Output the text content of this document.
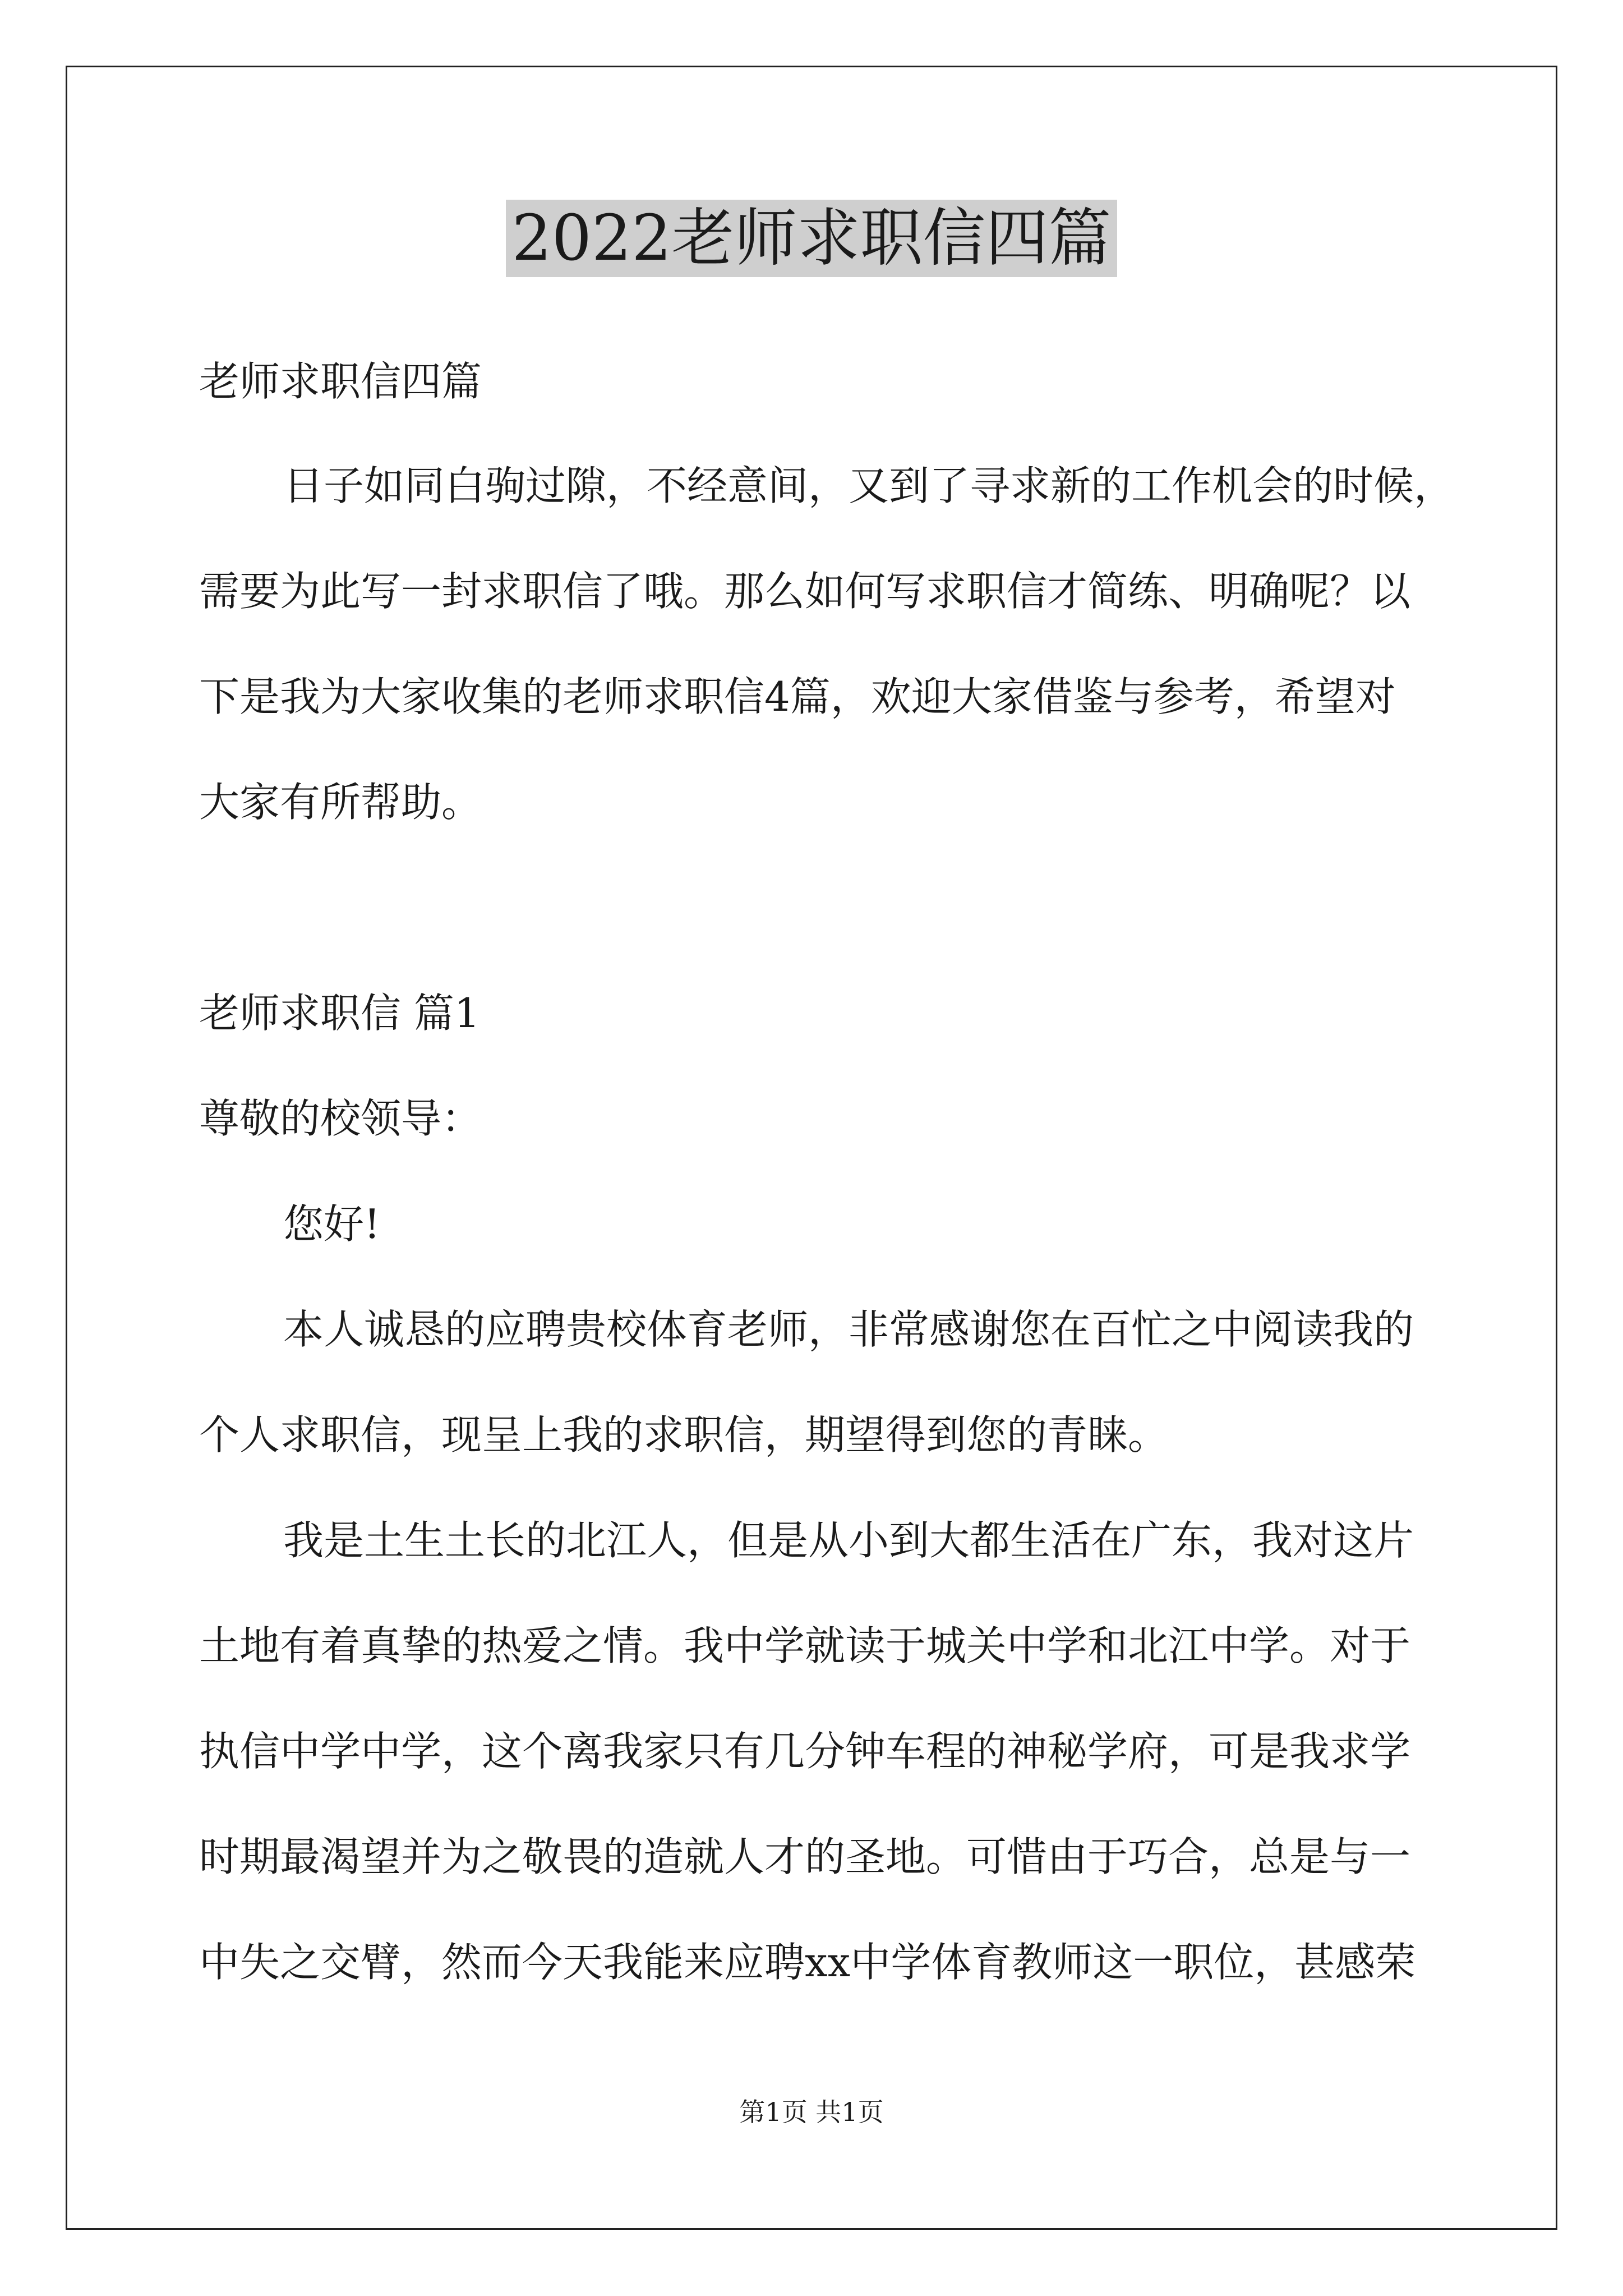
2022老师求职信四篇

老师求职信四篇

日子如同白驹过隙，不经意间，又到了寻求新的工作机会的时候，

需要为此写一封求职信了哦。那么如何写求职信才简练、明确呢？以

下是我为大家收集的老师求职信4篇，欢迎大家借鉴与参考，希望对

大家有所帮助。

老师求职信 篇1

尊敬的校领导：

您好!

本人诚恳的应聘贵校体育老师，非常感谢您在百忙之中阅读我的

个人求职信，现呈上我的求职信，期望得到您的青睐。

我是土生土长的北江人，但是从小到大都生活在广东，我对这片

土地有着真挚的热爱之情。我中学就读于城关中学和北江中学。对于

执信中学中学，这个离我家只有几分钟车程的神秘学府，可是我求学

时期最渴望并为之敬畏的造就人才的圣地。可惜由于巧合，总是与一

中失之交臂，然而今天我能来应聘xx中学体育教师这一职位，甚感荣

第1页 共1页
